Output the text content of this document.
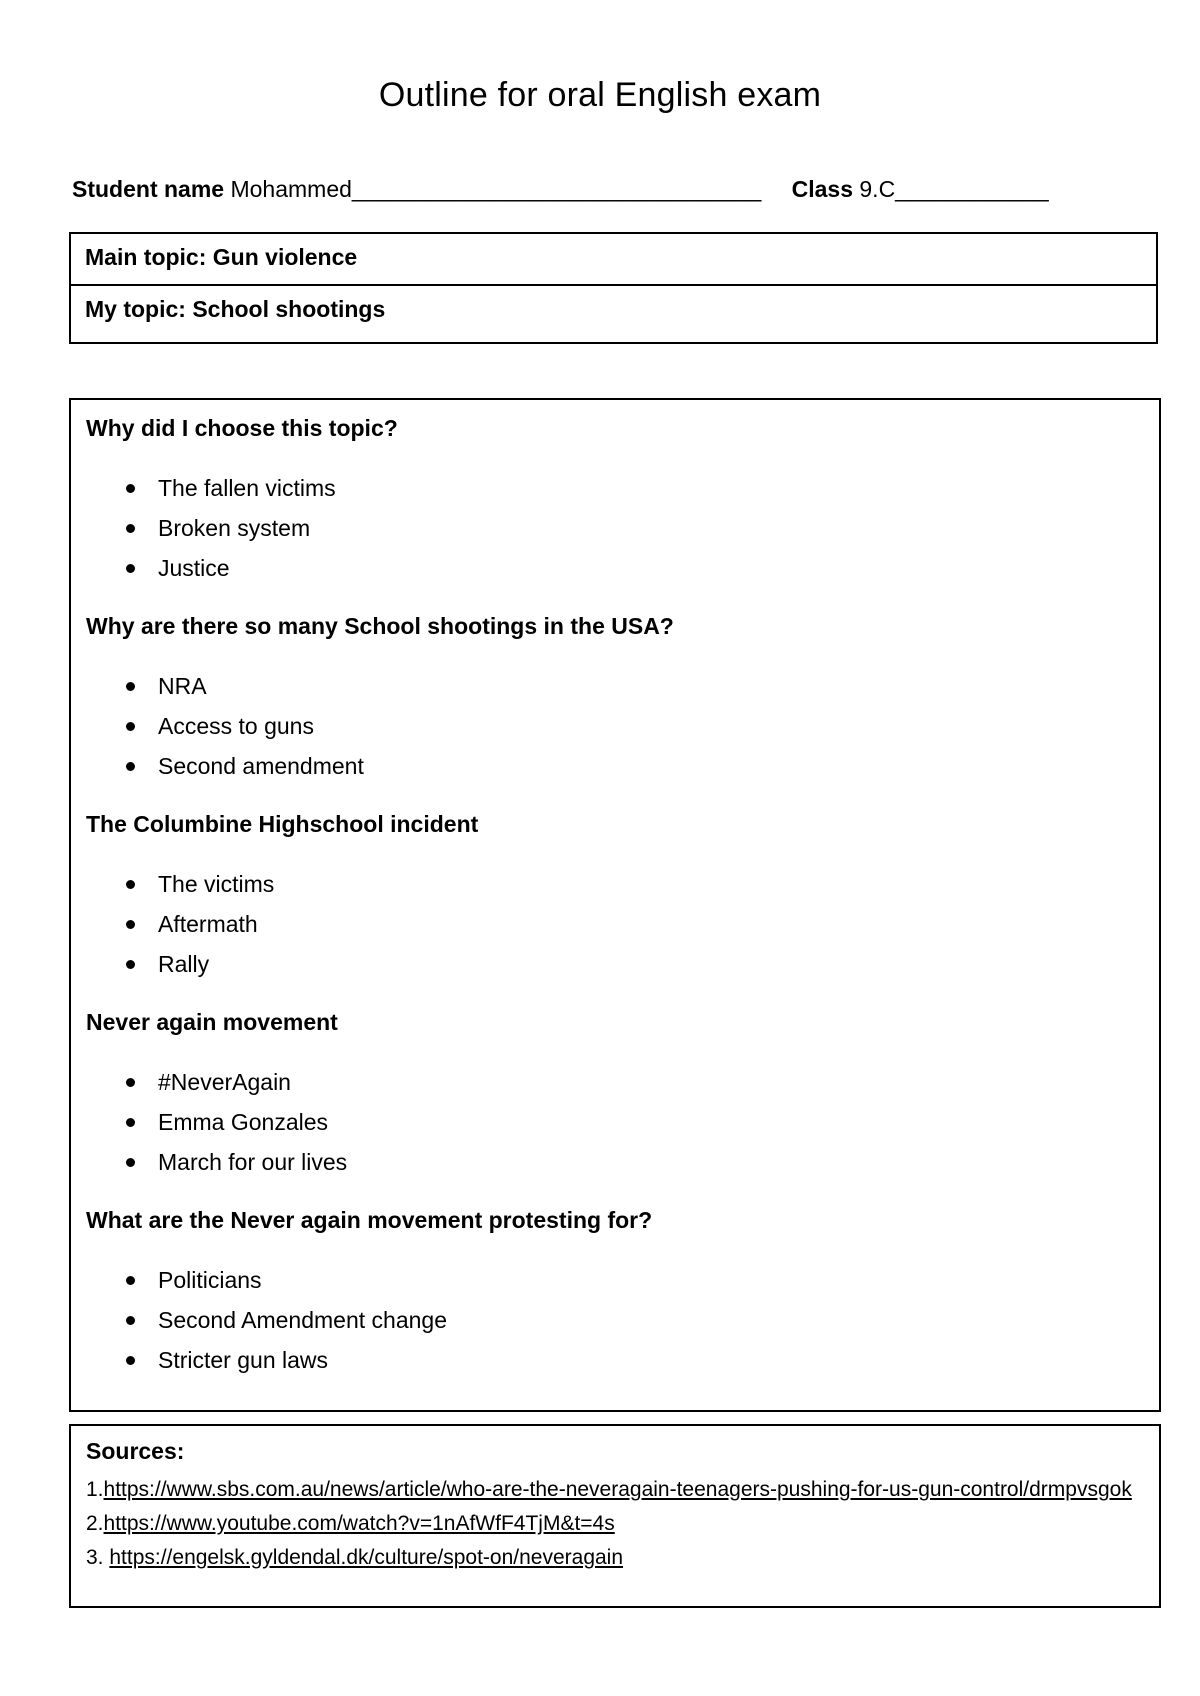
Outline for oral English exam
Student name Mohammed________________________________ Class 9.C____________
Main topic: Gun violence
My topic: School shootings

Why did I choose this topic?

The fallen victims
Broken system
Justice

Why are there so many School shootings in the USA?

NRA
Access to guns
Second amendment

The Columbine Highschool incident

The victims
Aftermath
Rally

Never again movement

#NeverAgain
Emma Gonzales
March for our lives

What are the Never again movement protesting for?

Politicians
Second Amendment change
Stricter gun laws

Sources:

1.https://www.sbs.com.au/news/article/who-are-the-neveragain-teenagers-pushing-for-us-gun-control/drmpvsgok
2.https://www.youtube.com/watch?v=1nAfWfF4TjM&t=4s
3. https://engelsk.gyldendal.dk/culture/spot-on/neveragain
